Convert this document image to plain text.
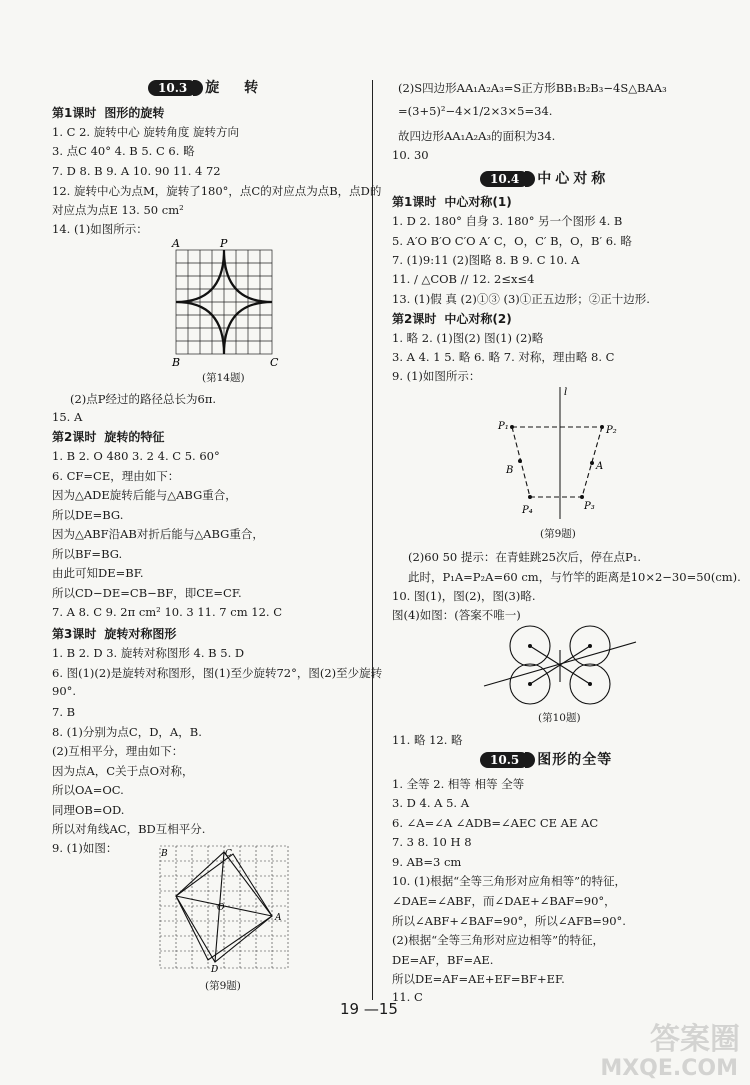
10.3 旋 转
第1课时 图形的旋转
1. C 2. 旋转中心 旋转角度 旋转方向
3. 点C 40° 4. B 5. C 6. 略
7. D 8. B 9. A 10. 90 11. 4 72
12. 旋转中心为点M，旋转了180°，点C的对应点为点B，点D的
对应点为点E 13. 50 cm²
14. (1)如图所示：
A	P
B	C
(第14题)
(2)点P经过的路径总长为6π.
15. A
第2课时 旋转的特征
1. B 2. O 480 3. 2 4. C 5. 60°
6. CF=CE，理由如下：
因为△ADE旋转后能与△ABG重合，
所以DE=BG.
因为△ABF沿AB对折后能与△ABG重合，
所以BF=BG.
由此可知DE=BF.
所以CD−DE=CB−BF，即CE=CF.
7. A 8. C 9. 2π cm² 10. 3 11. 7 cm 12. C
第3课时 旋转对称图形
1. B 2. D 3. 旋转对称图形 4. B 5. D
6. 图(1)(2)是旋转对称图形，图(1)至少旋转72°，图(2)至少旋转
90°.
7. B
8. (1)分别为点C，D，A，B.
(2)互相平分，理由如下：
因为点A，C关于点O对称，
所以OA=OC.
同理OB=OD.
所以对角线AC，BD互相平分.
9. (1)如图：	B	C
A
D
O
(第9题)
(2)S四边形AA₁A₂A₃=S正方形BB₁B₂B₃−4S△BAA₃
=(3+5)²−4×1/2×3×5=34.
故四边形AA₁A₂A₃的面积为34.
10. 30
10.4 中心对称
第1课时 中心对称(1)
1. D 2. 180° 自身 3. 180° 另一个图形 4. B
5. A′O B′O C′O A′ C，O，C′ B，O，B′ 6. 略
7. (1)9:11 (2)图略 8. B 9. C 10. A
11. / △COB // 12. 2≤x≤4
13. (1)假 真 (2)①③ (3)①正五边形；②正十边形.
第2课时 中心对称(2)
1. 略 2. (1)图(2) 图(1) (2)略
3. A 4. 1 5. 略 6. 略 7. 对称，理由略 8. C
9. (1)如图所示：
l
P₁	P₂
A
B
P₃
P₄
(第9题)
(2)60 50 提示：在青蛙跳25次后，停在点P₁.
此时，P₁A=P₂A=60 cm，与竹竿的距离是10×2−30=50(cm).
10. 图(1)，图(2)，图(3)略.
图(4)如图：(答案不唯一)
(第10题)
11. 略 12. 略
10.5 图形的全等
1. 全等 2. 相等 相等 全等
3. D 4. A 5. A
6. ∠A=∠A ∠ADB=∠AEC CE AE AC
7. 3 8. 10 H 8
9. AB=3 cm
10. (1)根据“全等三角形对应角相等”的特征，
∠DAE=∠ABF，而∠DAE+∠BAF=90°，
所以∠ABF+∠BAF=90°，所以∠AFB=90°.
(2)根据“全等三角形对应边相等”的特征，
DE=AF，BF=AE.
所以DE=AF=AE+EF=BF+EF.
11. C
19 —15
答案圈
MXQE.COM
